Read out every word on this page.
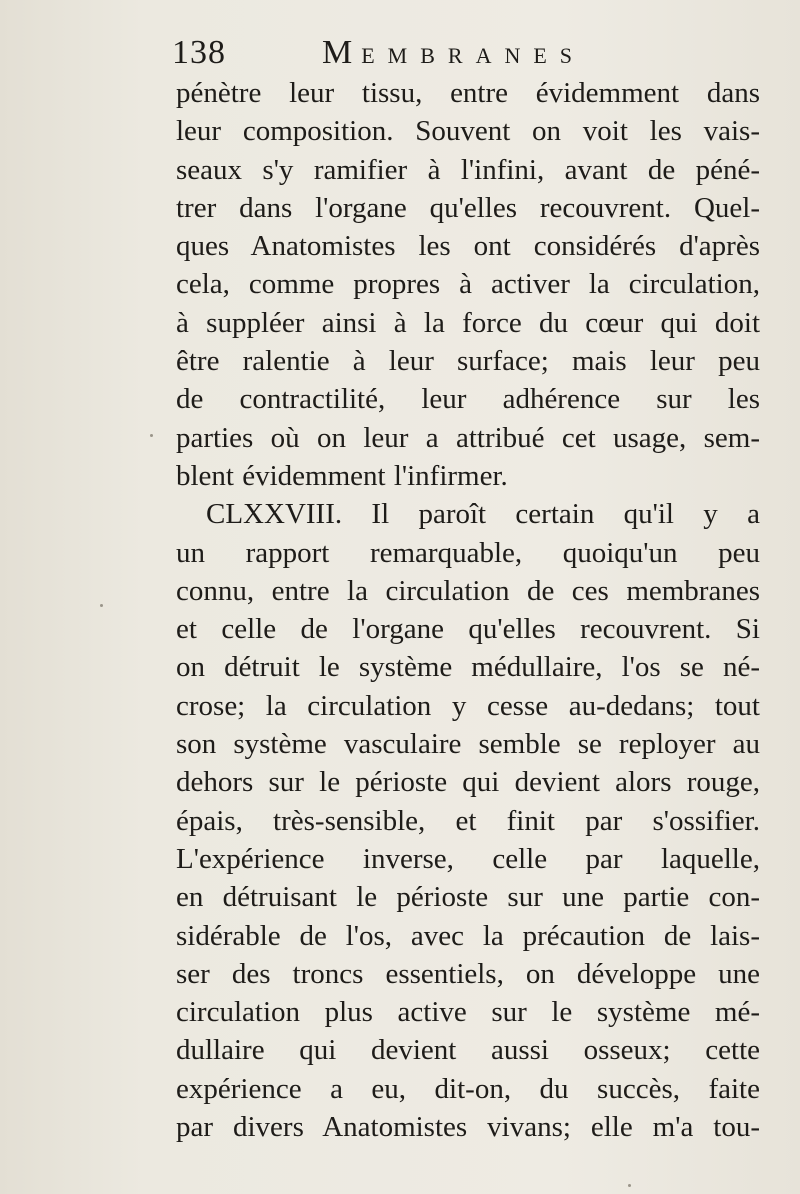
138	MEMBRANES
pénètre leur tissu, entre évidemment dans
leur composition. Souvent on voit les vais-
seaux s'y ramifier à l'infini, avant de péné-
trer dans l'organe qu'elles recouvrent. Quel-
ques Anatomistes les ont considérés d'après
cela, comme propres à activer la circulation,
à suppléer ainsi à la force du cœur qui doit
être ralentie à leur surface; mais leur peu
de contractilité, leur adhérence sur les
parties où on leur a attribué cet usage, sem-
blent évidemment l'infirmer.
CLXXVIII. Il paroît certain qu'il y a
un rapport remarquable, quoiqu'un peu
connu, entre la circulation de ces membranes
et celle de l'organe qu'elles recouvrent. Si
on détruit le système médullaire, l'os se né-
crose; la circulation y cesse au-dedans; tout
son système vasculaire semble se reployer au
dehors sur le périoste qui devient alors rouge,
épais, très-sensible, et finit par s'ossifier.
L'expérience inverse, celle par laquelle,
en détruisant le périoste sur une partie con-
sidérable de l'os, avec la précaution de lais-
ser des troncs essentiels, on développe une
circulation plus active sur le système mé-
dullaire qui devient aussi osseux; cette
expérience a eu, dit-on, du succès, faite
par divers Anatomistes vivans; elle m'a tou-
